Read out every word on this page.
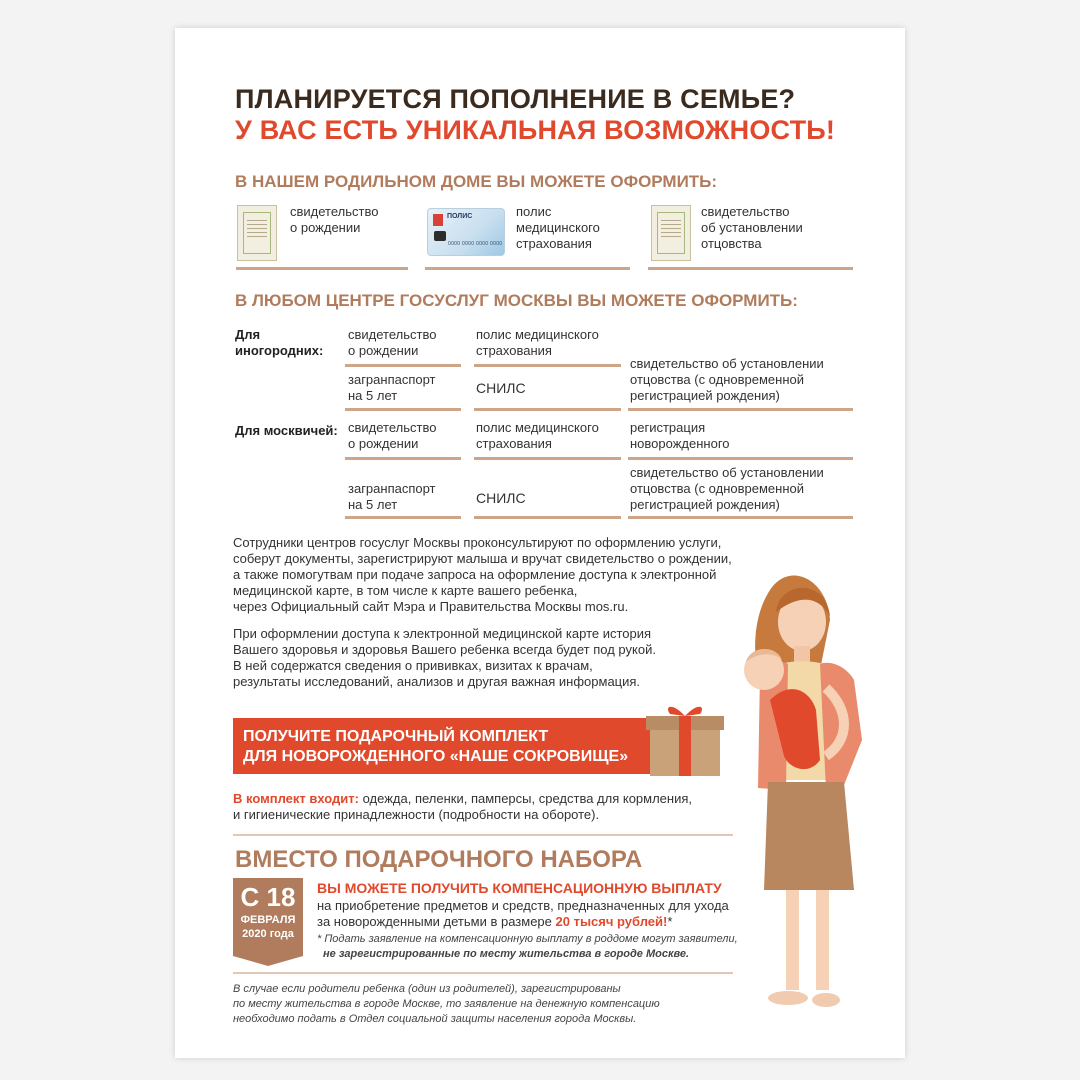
ПЛАНИРУЕТСЯ ПОПОЛНЕНИЕ В СЕМЬЕ?
У ВАС ЕСТЬ УНИКАЛЬНАЯ ВОЗМОЖНОСТЬ!
В НАШЕМ РОДИЛЬНОМ ДОМЕ ВЫ МОЖЕТЕ ОФОРМИТЬ:
свидетельство
о рождении
ПОЛИС
0000 0000 0000 0000
полис
медицинского
страхования
свидетельство
об установлении
отцовства
В ЛЮБОМ ЦЕНТРЕ ГОСУСЛУГ МОСКВЫ ВЫ МОЖЕТЕ ОФОРМИТЬ:
Для
иногородних:
свидетельство
о рождении
полис медицинского
страхования
загранпаспорт
на 5 лет	СНИЛС
свидетельство об установлении
отцовства (с одновременной
регистрацией рождения)
Для москвичей: свидетельство
о рождении
полис медицинского
страхования
регистрация
новорожденного
загранпаспорт
на 5 лет	СНИЛС
свидетельство об установлении
отцовства (с одновременной
регистрацией рождения)
Сотрудники центров госуслуг Москвы проконсультируют по оформлению услуги,
соберут документы, зарегистрируют малыша и вручат свидетельство о рождении,
а также помогутвам при подаче запроса на оформление доступа к электронной
медицинской карте, в том числе к карте вашего ребенка,
через Официальный сайт Мэра и Правительства Москвы mos.ru.
При оформлении доступа к электронной медицинской карте история
Вашего здоровья и здоровья Вашего ребенка всегда будет под рукой.
В ней содержатся сведения о прививках, визитах к врачам,
результаты исследований, анализов и другая важная информация.
ПОЛУЧИТЕ ПОДАРОЧНЫЙ КОМПЛЕКТ
ДЛЯ НОВОРОЖДЕННОГО «НАШЕ СОКРОВИЩЕ»
В комплект входит: одежда, пеленки, памперсы, средства для кормления,
и гигиенические принадлежности (подробности на обороте).
ВМЕСТО ПОДАРОЧНОГО НАБОРА
С 18
ФЕВРАЛЯ
2020 года
ВЫ МОЖЕТЕ ПОЛУЧИТЬ КОМПЕНСАЦИОННУЮ ВЫПЛАТУ
на приобретение предметов и средств, предназначенных для ухода
за новорожденными детьми в размере 20 тысяч рублей!*
* Подать заявление на компенсационную выплату в роддоме могут заявители,
не зарегистрированные по месту жительства в городе Москве.
В случае если родители ребенка (один из родителей), зарегистрированы
по месту жительства в городе Москве, то заявление на денежную компенсацию
необходимо подать в Отдел социальной защиты населения города Москвы.
